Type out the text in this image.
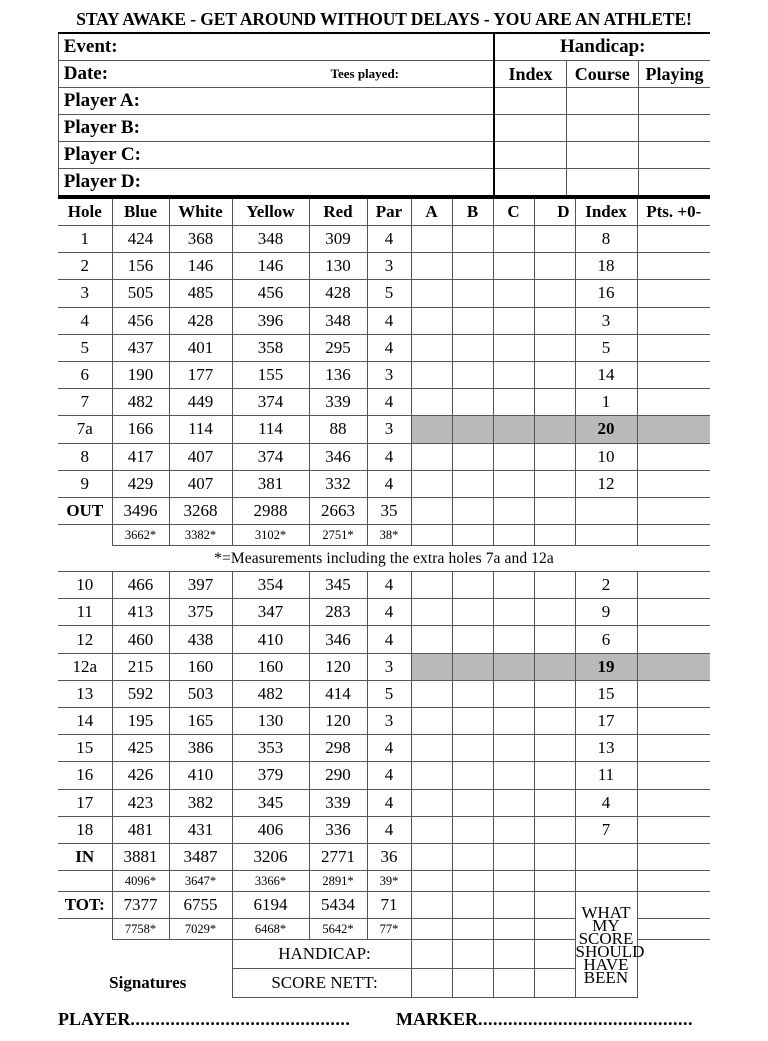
STAY AWAKE - GET AROUND WITHOUT DELAYS - YOU ARE AN ATHLETE!
Event:		Handicap:		
Date:	Tees played:	Index	Course	Playing
Player A:				
Player B:				
Player C:				
Player D:				
Hole	Blue	White	Yellow	Red	Par	A	B	C	D	Index	Pts. +0-
1	424	368	348	309	4					8	
2	156	146	146	130	3					18	
3	505	485	456	428	5					16	
4	456	428	396	348	4					3	
5	437	401	358	295	4					5	
6	190	177	155	136	3					14	
7	482	449	374	339	4					1	
7a	166	114	114	88	3					20	
8	417	407	374	346	4					10	
9	429	407	381	332	4					12	
OUT	3496	3268	2988	2663	35						
	3662*	3382*	3102*	2751*	38*						
*=Measurements including the extra holes 7a and 12a
10	466	397	354	345	4					2	
11	413	375	347	283	4					9	
12	460	438	410	346	4					6	
12a	215	160	160	120	3					19	
13	592	503	482	414	5					15	
14	195	165	130	120	3					17	
15	425	386	353	298	4					13	
16	426	410	379	290	4					11	
17	423	382	345	339	4					4	
18	481	431	406	336	4					7	
IN	3881	3487	3206	2771	36						
	4096*	3647*	3366*	2891*	39*						
TOT:	7377	6755	6194	5434	71					WHAT MY SCORE SHOULD HAVE BEEN	
	7758*	7029*	6468*	5642*	77*						
			HANDICAP:								
Signatures			SCORE NETT:								
PLAYER ............................................	MARKER ...........................................
